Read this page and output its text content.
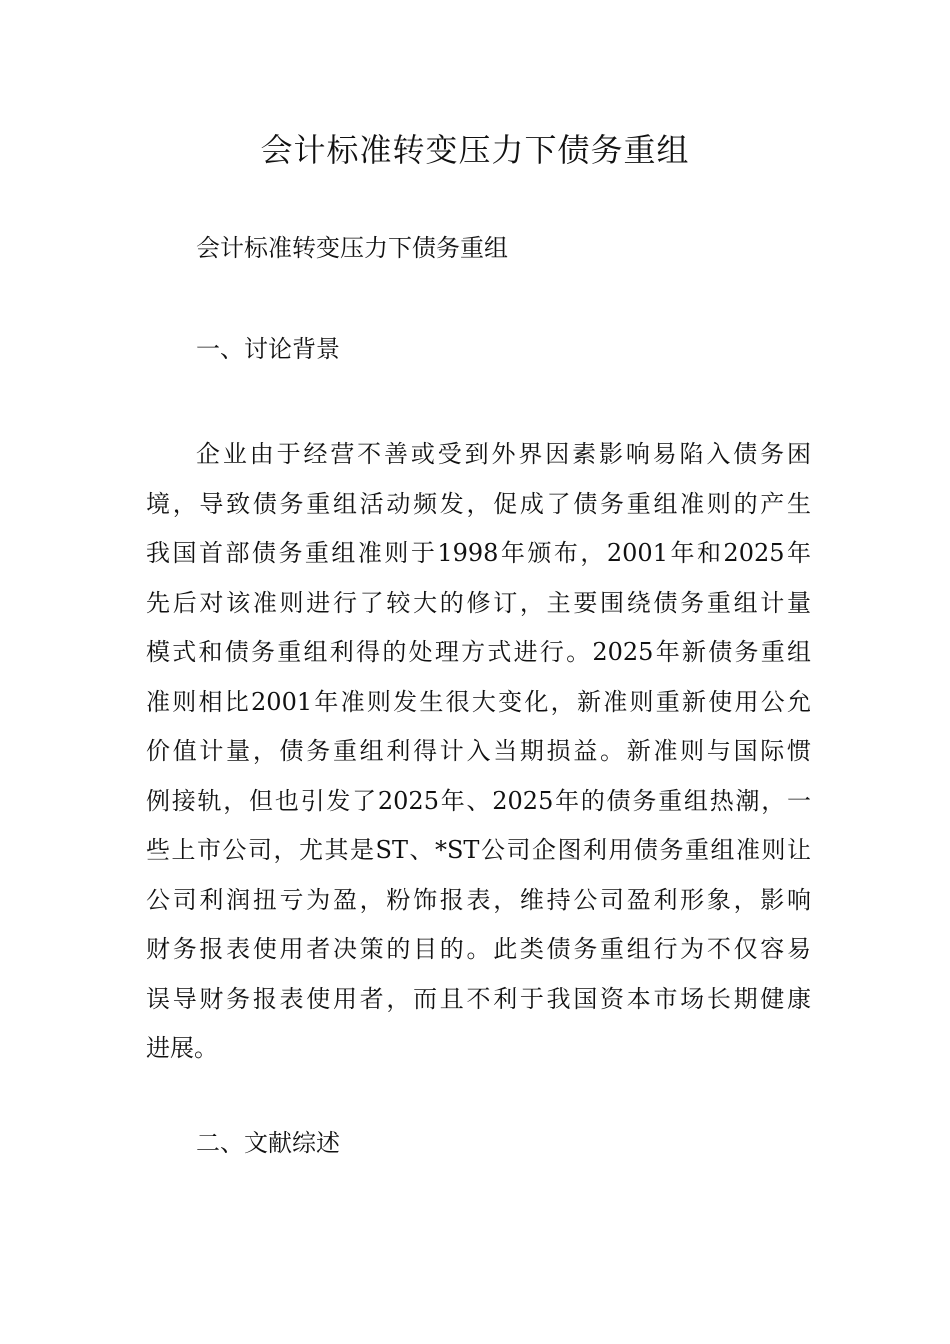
会计标准转变压力下债务重组

会计标准转变压力下债务重组

一、讨论背景

企业由于经营不善或受到外界因素影响易陷入债务困
境，导致债务重组活动频发，促成了债务重组准则的产生
我国首部债务重组准则于1998年颁布，2001年和2025年
先后对该准则进行了较大的修订，主要围绕债务重组计量
模式和债务重组利得的处理方式进行。2025年新债务重组
准则相比2001年准则发生很大变化，新准则重新使用公允
价值计量，债务重组利得计入当期损益。新准则与国际惯
例接轨，但也引发了2025年、2025年的债务重组热潮，一
些上市公司，尤其是ST、*ST公司企图利用债务重组准则让
公司利润扭亏为盈，粉饰报表，维持公司盈利形象，影响
财务报表使用者决策的目的。此类债务重组行为不仅容易
误导财务报表使用者，而且不利于我国资本市场长期健康
进展。

二、文献综述
